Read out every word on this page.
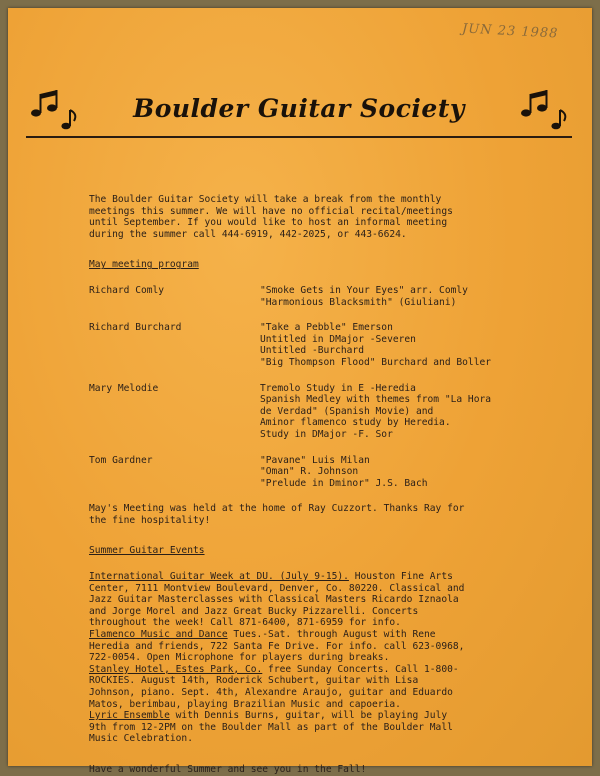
JUN 23 1988
Boulder Guitar Society
The Boulder Guitar Society will take a break from the monthly
meetings this summer. We will have no official recital/meetings
until September. If you would like to host an informal meeting
during the summer call 444-6919, 442-2025, or 443-6624.
May meeting program
Richard Comly	"Smoke Gets in Your Eyes" arr. Comly
"Harmonious Blacksmith" (Giuliani)
Richard Burchard	"Take a Pebble" Emerson
Untitled in DMajor -Severen
Untitled -Burchard
"Big Thompson Flood" Burchard and Boller
Mary Melodie	Tremolo Study in E -Heredia
Spanish Medley with themes from "La Hora
de Verdad" (Spanish Movie) and
Aminor flamenco study by Heredia.
Study in DMajor -F. Sor
Tom Gardner	"Pavane" Luis Milan
"Oman" R. Johnson
"Prelude in Dminor" J.S. Bach
May's Meeting was held at the home of Ray Cuzzort. Thanks Ray for
the fine hospitality!
Summer Guitar Events
International Guitar Week at DU. (July 9-15). Houston Fine Arts
Center, 7111 Montview Boulevard, Denver, Co. 80220. Classical and
Jazz Guitar Masterclasses with Classical Masters Ricardo Iznaola
and Jorge Morel and Jazz Great Bucky Pizzarelli. Concerts
throughout the week! Call 871-6400, 871-6959 for info.
Flamenco Music and Dance Tues.-Sat. through August with Rene
Heredia and friends, 722 Santa Fe Drive. For info. call 623-0968,
722-0054. Open Microphone for players during breaks.
Stanley Hotel, Estes Park, Co. free Sunday Concerts. Call 1-800-
ROCKIES. August 14th, Roderick Schubert, guitar with Lisa
Johnson, piano. Sept. 4th, Alexandre Araujo, guitar and Eduardo
Matos, berimbau, playing Brazilian Music and capoeria.
Lyric Ensemble with Dennis Burns, guitar, will be playing July
9th from 12-2PM on the Boulder Mall as part of the Boulder Mall
Music Celebration.
Have a wonderful Summer and see you in the Fall!
